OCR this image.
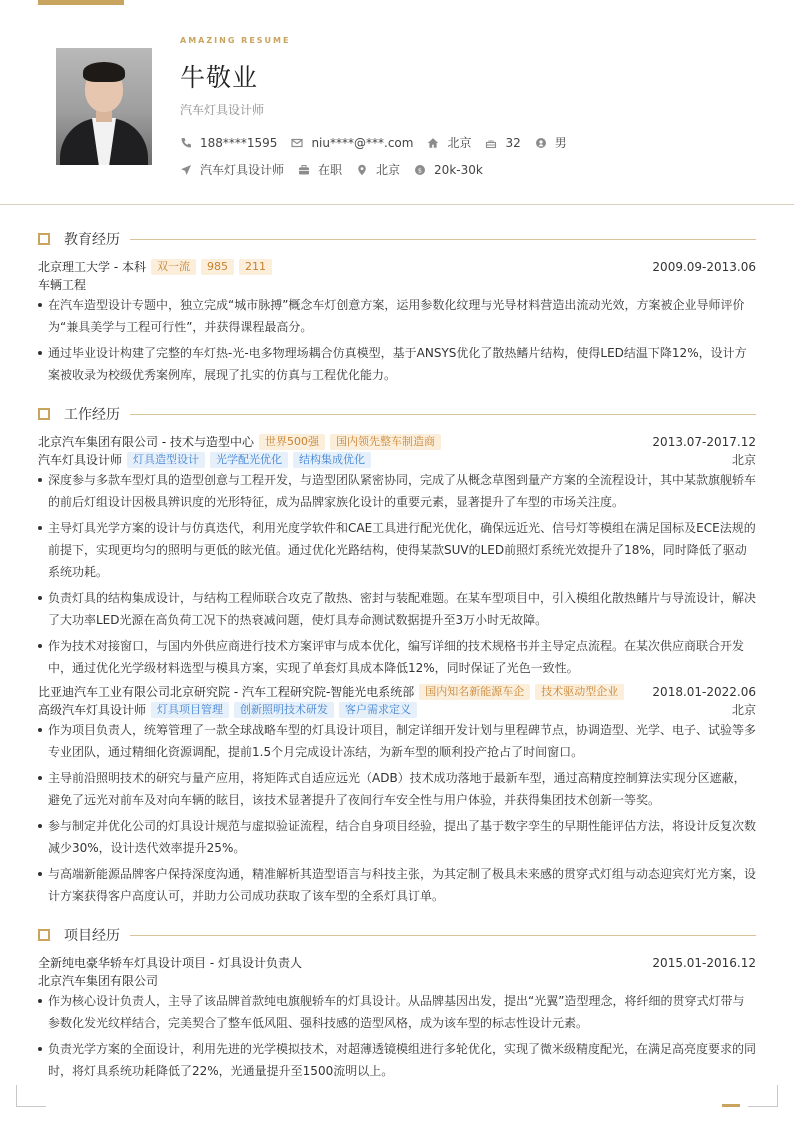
AMAZING RESUME
牛敬业
汽车灯具设计师
188****1595	niu****@***.com	北京	32	男
汽车灯具设计师	在职	北京	$ 20k-30k
教育经历
北京理工大学 - 本科	双一流	985	211	2009.09-2013.06
车辆工程
在汽车造型设计专题中，独立完成“城市脉搏”概念车灯创意方案，运用参数化纹理与光导材料营造出流动光效，方案被企业导师评价为“兼具美学与工程可行性”，并获得课程最高分。
通过毕业设计构建了完整的车灯热-光-电多物理场耦合仿真模型，基于ANSYS优化了散热鳍片结构，使得LED结温下降12%，设计方案被收录为校级优秀案例库，展现了扎实的仿真与工程优化能力。
工作经历
北京汽车集团有限公司 - 技术与造型中心	世界500强	国内领先整车制造商	2013.07-2017.12
汽车灯具设计师	灯具造型设计	光学配光优化	结构集成优化	北京
深度参与多款车型灯具的造型创意与工程开发，与造型团队紧密协同，完成了从概念草图到量产方案的全流程设计，其中某款旗舰轿车的前后灯组设计因极具辨识度的光形特征，成为品牌家族化设计的重要元素，显著提升了车型的市场关注度。
主导灯具光学方案的设计与仿真迭代，利用光度学软件和CAE工具进行配光优化，确保远近光、信号灯等模组在满足国标及ECE法规的前提下，实现更均匀的照明与更低的眩光值。通过优化光路结构，使得某款SUV的LED前照灯系统光效提升了18%，同时降低了驱动系统功耗。
负责灯具的结构集成设计，与结构工程师联合攻克了散热、密封与装配难题。在某车型项目中，引入模组化散热鳍片与导流设计，解决了大功率LED光源在高负荷工况下的热衰减问题，使灯具寿命测试数据提升至3万小时无故障。
作为技术对接窗口，与国内外供应商进行技术方案评审与成本优化，编写详细的技术规格书并主导定点流程。在某次供应商联合开发中，通过优化光学级材料选型与模具方案，实现了单套灯具成本降低12%，同时保证了光色一致性。
比亚迪汽车工业有限公司北京研究院 - 汽车工程研究院-智能光电系统部	国内知名新能源车企	技术驱动型企业	2018.01-2022.06
高级汽车灯具设计师	灯具项目管理	创新照明技术研发	客户需求定义	北京
作为项目负责人，统筹管理了一款全球战略车型的灯具设计项目，制定详细开发计划与里程碑节点，协调造型、光学、电子、试验等多专业团队，通过精细化资源调配，提前1.5个月完成设计冻结，为新车型的顺利投产抢占了时间窗口。
主导前沿照明技术的研究与量产应用，将矩阵式自适应远光（ADB）技术成功落地于最新车型，通过高精度控制算法实现分区遮蔽，避免了远光对前车及对向车辆的眩目，该技术显著提升了夜间行车安全性与用户体验，并获得集团技术创新一等奖。
参与制定并优化公司的灯具设计规范与虚拟验证流程，结合自身项目经验，提出了基于数字孪生的早期性能评估方法，将设计反复次数减少30%，设计迭代效率提升25%。
与高端新能源品牌客户保持深度沟通，精准解析其造型语言与科技主张，为其定制了极具未来感的贯穿式灯组与动态迎宾灯光方案，设计方案获得客户高度认可，并助力公司成功获取了该车型的全系灯具订单。
项目经历
全新纯电豪华轿车灯具设计项目 - 灯具设计负责人	2015.01-2016.12
北京汽车集团有限公司
作为核心设计负责人，主导了该品牌首款纯电旗舰轿车的灯具设计。从品牌基因出发，提出“光翼”造型理念，将纤细的贯穿式灯带与参数化发光纹样结合，完美契合了整车低风阻、强科技感的造型风格，成为该车型的标志性设计元素。
负责光学方案的全面设计，利用先进的光学模拟技术，对超薄透镜模组进行多轮优化，实现了微米级精度配光，在满足高亮度要求的同时，将灯具系统功耗降低了22%，光通量提升至1500流明以上。
